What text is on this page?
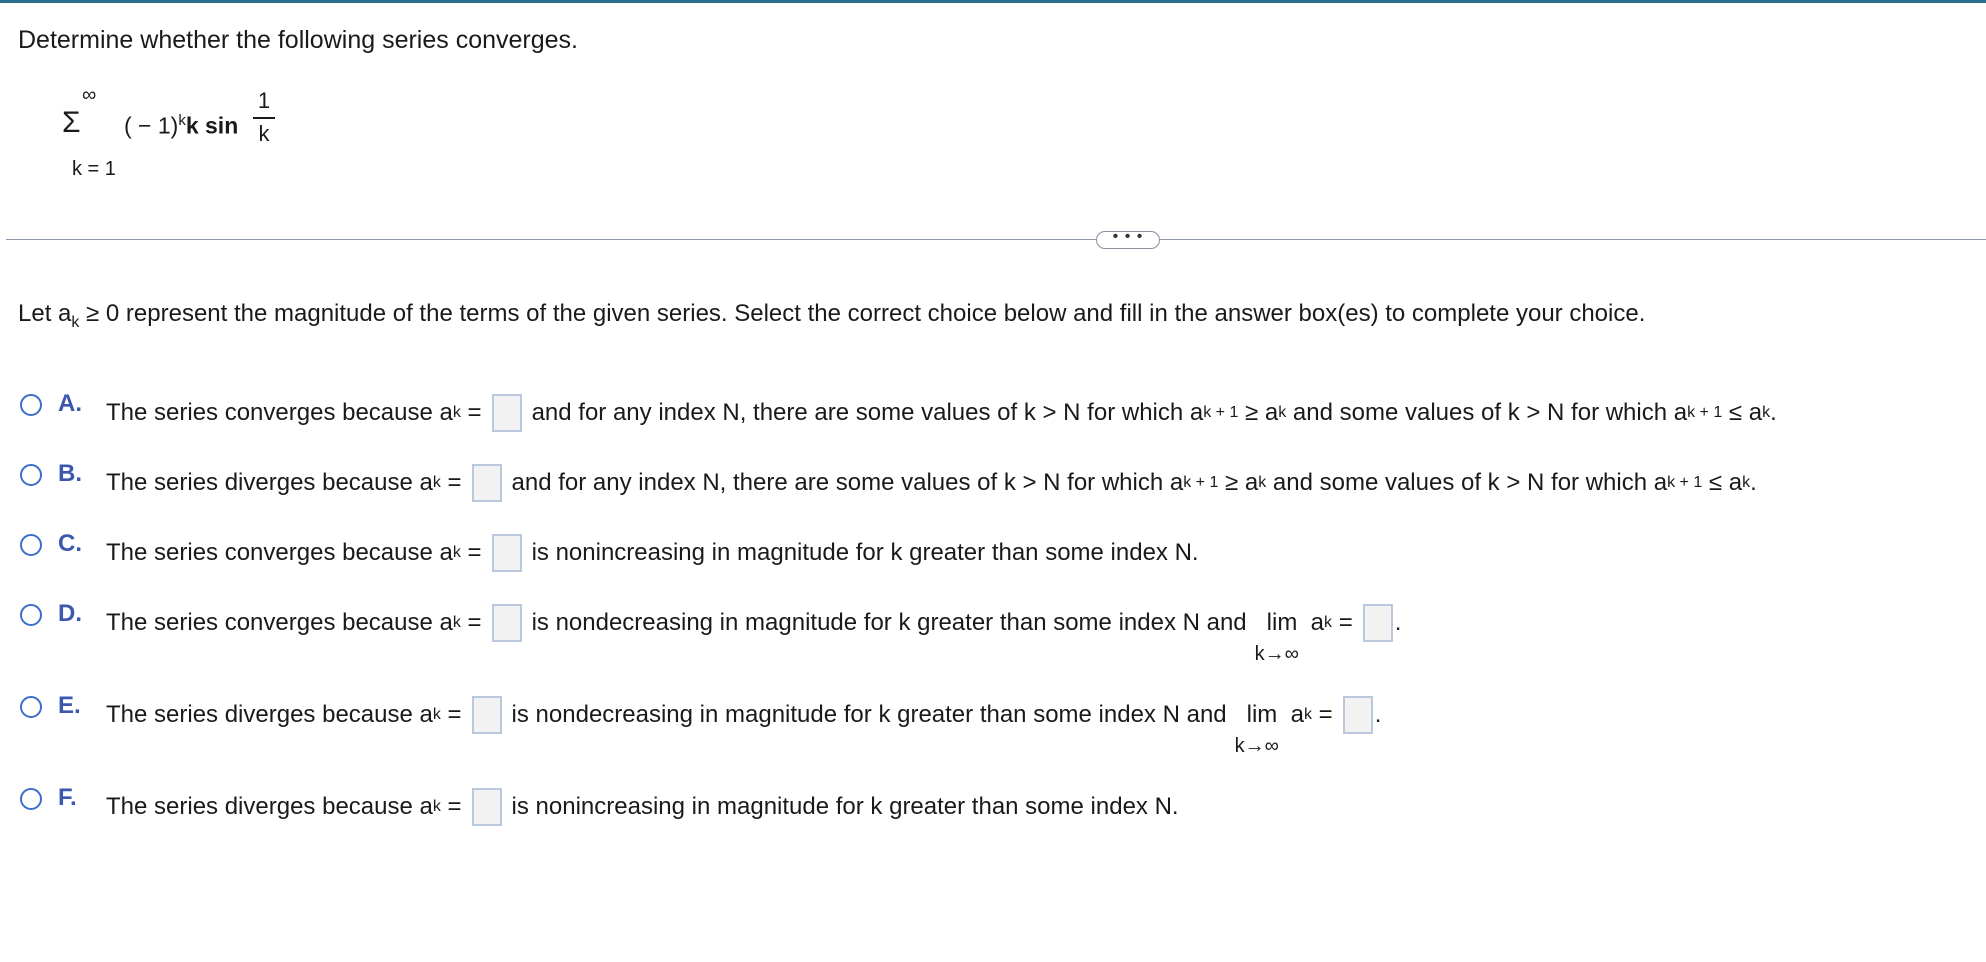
Determine whether the following series converges.
∞
Σ
k = 1
( − 1)$^k$k sin
1
k
• • •
Let $a_k \ge 0$ represent the magnitude of the terms of the given series. Select the correct choice below and fill in the answer box(es) to complete your choice.
A. The series converges because a k
= and for any index N, there are some values of k > N for which a k + 1
≥ a k
and some values of k > N for which a k + 1
≤ a k .
B. The series diverges because a k
= and for any index N, there are some values of k > N for which a k + 1
≥ a k
and some values of k > N for which a k + 1
≤ a k .
C. The series converges because a k
= is nonincreasing in magnitude for k greater than some index N.
D. The series converges because a k
= is nondecreasing in magnitude for k greater than some index N and lim
k→∞

a k
= .
E. The series diverges because a k
= is nondecreasing in magnitude for k greater than some index N and lim
k→∞

a k
= .
F. The series diverges because a k
= is nonincreasing in magnitude for k greater than some index N.
